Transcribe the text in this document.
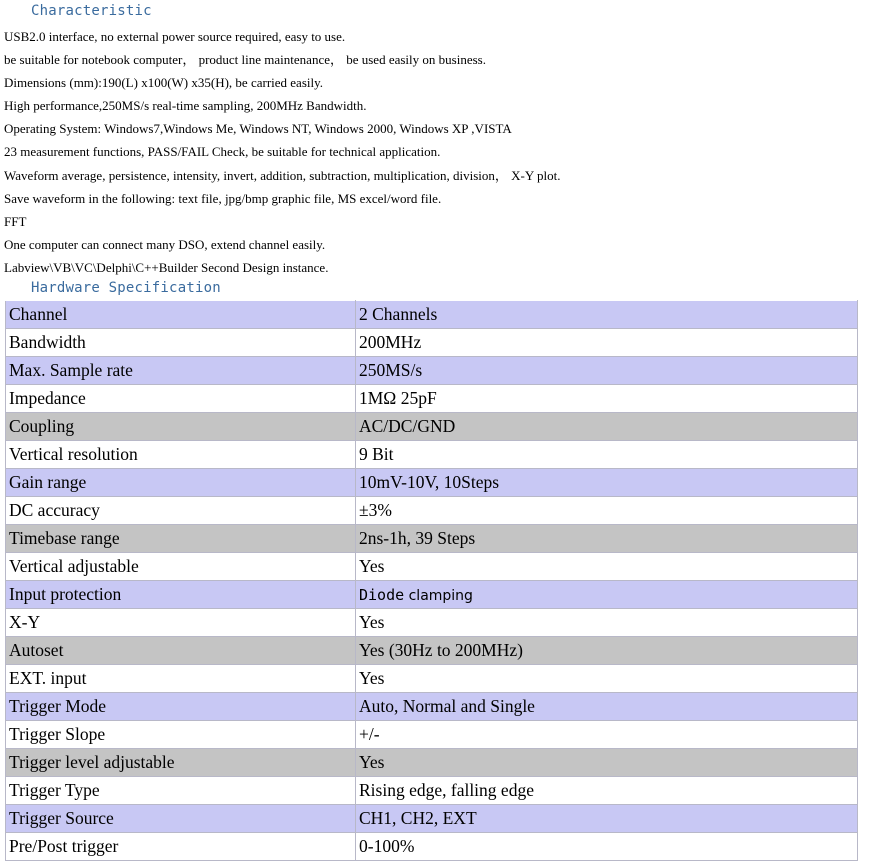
Characteristic
USB2.0 interface, no external power source required, easy to use.
be suitable for notebook computer， product line maintenance， be used easily on business.
Dimensions (mm):190(L) x100(W) x35(H), be carried easily.
High performance,250MS/s real-time sampling, 200MHz Bandwidth.
Operating System: Windows7,Windows Me, Windows NT, Windows 2000, Windows XP ,VISTA
23 measurement functions, PASS/FAIL Check, be suitable for technical application.
Waveform average, persistence, intensity, invert, addition, subtraction, multiplication, division， X-Y plot.
Save waveform in the following: text file, jpg/bmp graphic file, MS excel/word file.
FFT
One computer can connect many DSO, extend channel easily.
Labview\VB\VC\Delphi\C++Builder Second Design instance.
Hardware Specification
Channel	2 Channels
Bandwidth	200MHz
Max. Sample rate	250MS/s
Impedance	1MΩ 25pF
Coupling	AC/DC/GND
Vertical resolution	9 Bit
Gain range	10mV-10V, 10Steps
DC accuracy	±3%
Timebase range	2ns-1h, 39 Steps
Vertical adjustable	Yes
Input protection	Diode clamping
X-Y	Yes
Autoset	Yes (30Hz to 200MHz)
EXT. input	Yes
Trigger Mode	Auto, Normal and Single
Trigger Slope	+/-
Trigger level adjustable	Yes
Trigger Type	Rising edge, falling edge
Trigger Source	CH1, CH2, EXT
Pre/Post trigger	0-100%
